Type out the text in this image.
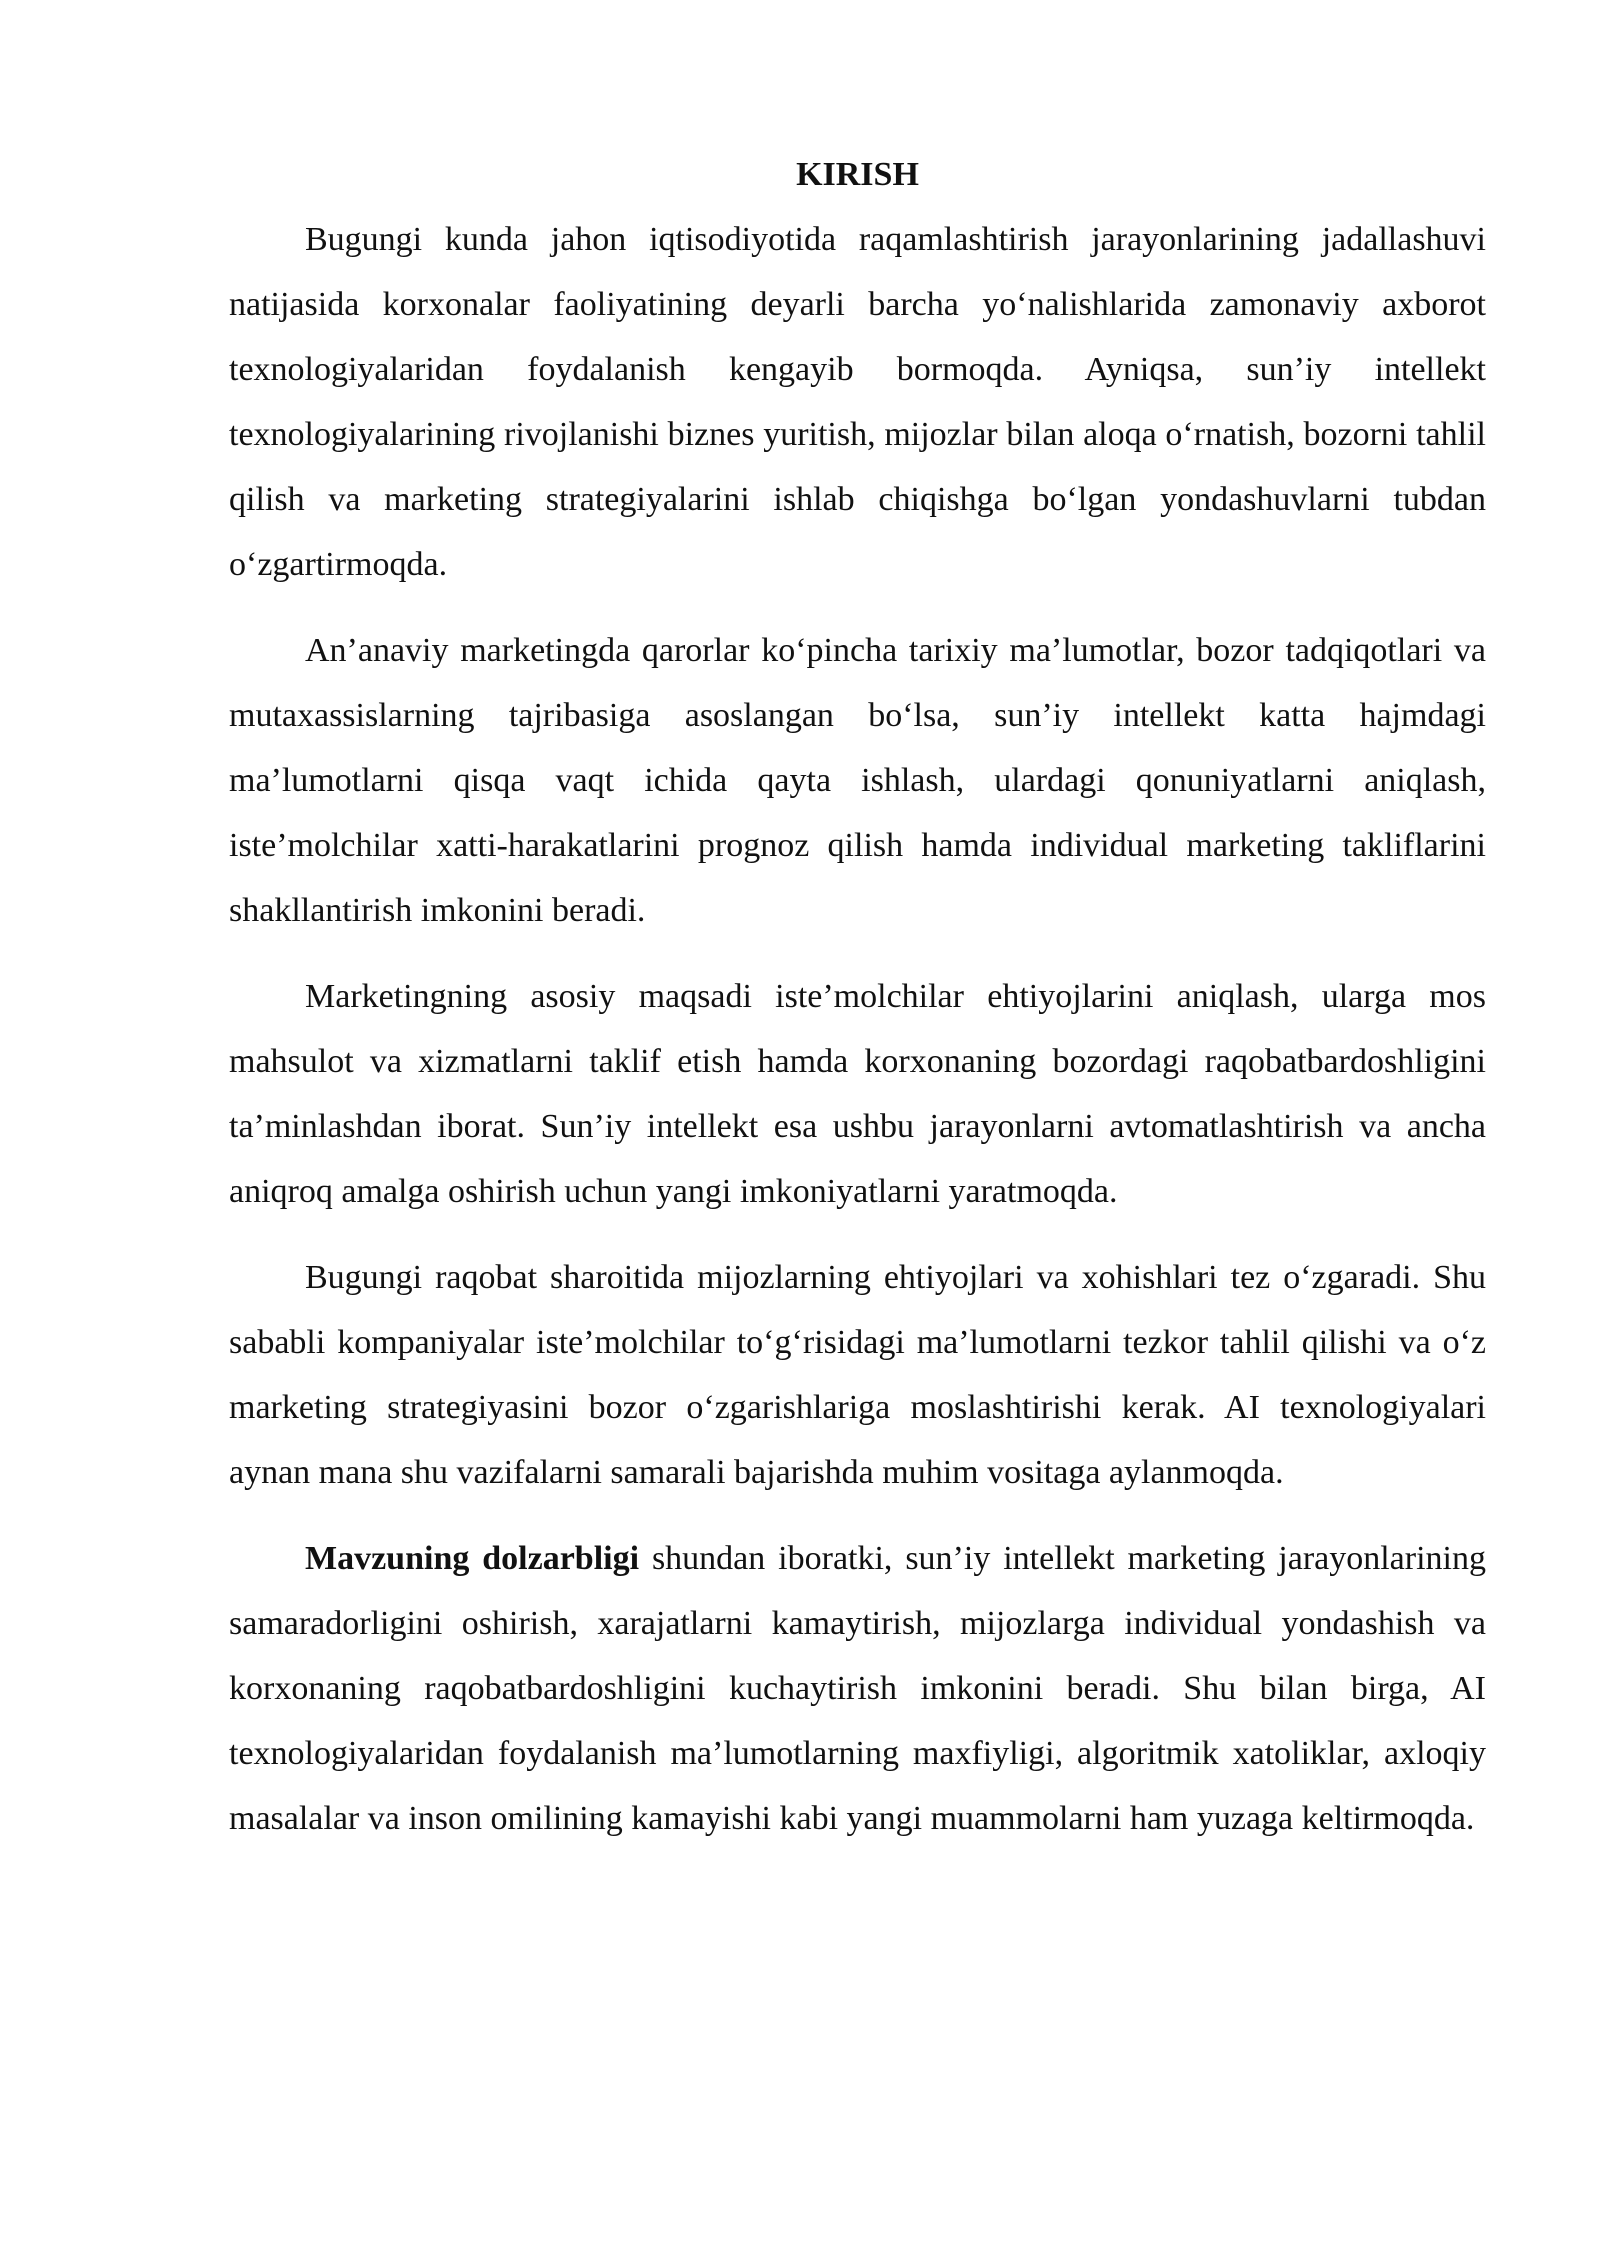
KIRISH

Bugungi kunda jahon iqtisodiyotida raqamlashtirish jarayonlarining jadallashuvi natijasida korxonalar faoliyatining deyarli barcha yo‘nalishlarida zamonaviy axborot texnologiyalaridan foydalanish kengayib bormoqda. Ayniqsa, sun’iy intellekt texnologiyalarining rivojlanishi biznes yuritish, mijozlar bilan aloqa o‘rnatish, bozorni tahlil qilish va marketing strategiyalarini ishlab chiqishga bo‘lgan yondashuvlarni tubdan o‘zgartirmoqda.

An’anaviy marketingda qarorlar ko‘pincha tarixiy ma’lumotlar, bozor tadqiqotlari va mutaxassislarning tajribasiga asoslangan bo‘lsa, sun’iy intellekt katta hajmdagi ma’lumotlarni qisqa vaqt ichida qayta ishlash, ulardagi qonuniyatlarni aniqlash, iste’molchilar xatti-harakatlarini prognoz qilish hamda individual marketing takliflarini shakllantirish imkonini beradi.

Marketingning asosiy maqsadi iste’molchilar ehtiyojlarini aniqlash, ularga mos mahsulot va xizmatlarni taklif etish hamda korxonaning bozordagi raqobatbardoshligini ta’minlashdan iborat. Sun’iy intellekt esa ushbu jarayonlarni avtomatlashtirish va ancha aniqroq amalga oshirish uchun yangi imkoniyatlarni yaratmoqda.

Bugungi raqobat sharoitida mijozlarning ehtiyojlari va xohishlari tez o‘zgaradi. Shu sababli kompaniyalar iste’molchilar to‘g‘risidagi ma’lumotlarni tezkor tahlil qilishi va o‘z marketing strategiyasini bozor o‘zgarishlariga moslashtirishi kerak. AI texnologiyalari aynan mana shu vazifalarni samarali bajarishda muhim vositaga aylanmoqda.

Mavzuning dolzarbligi shundan iboratki, sun’iy intellekt marketing jarayonlarining samaradorligini oshirish, xarajatlarni kamaytirish, mijozlarga individual yondashish va korxonaning raqobatbardoshligini kuchaytirish imkonini beradi. Shu bilan birga, AI texnologiyalaridan foydalanish ma’lumotlarning maxfiyligi, algoritmik xatoliklar, axloqiy masalalar va inson omilining kamayishi kabi yangi muammolarni ham yuzaga keltirmoqda.
